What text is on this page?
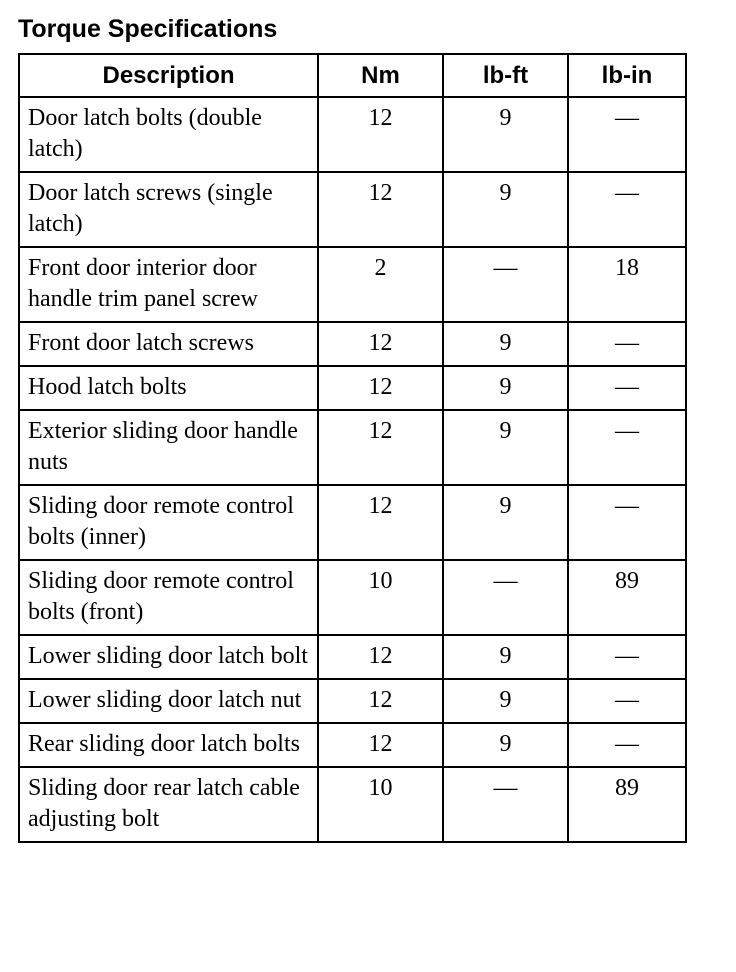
Torque Specifications
Description	Nm	lb-ft	lb-in
Door latch bolts (double latch)	12	9	—
Door latch screws (single latch)	12	9	—
Front door interior door handle trim panel screw	2	—	18
Front door latch screws	12	9	—
Hood latch bolts	12	9	—
Exterior sliding door handle nuts	12	9	—
Sliding door remote control bolts (inner)	12	9	—
Sliding door remote control bolts (front)	10	—	89
Lower sliding door latch bolt	12	9	—
Lower sliding door latch nut	12	9	—
Rear sliding door latch bolts	12	9	—
Sliding door rear latch cable adjusting bolt	10	—	89
